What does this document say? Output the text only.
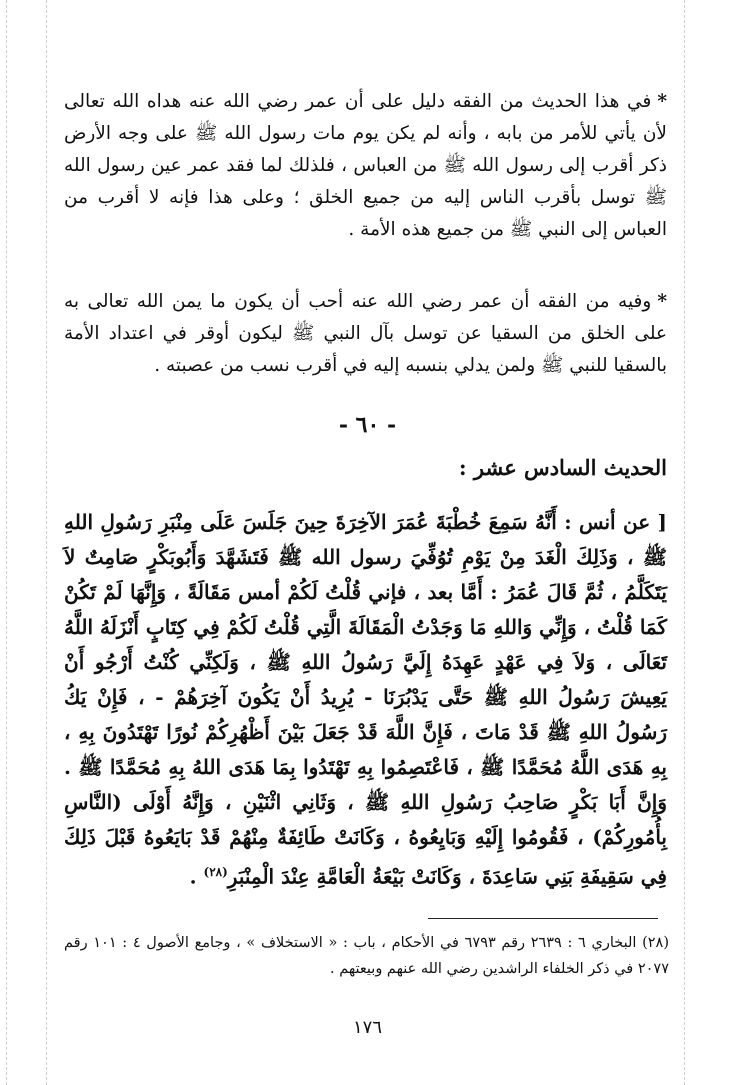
*في هذا الحديث من الفقه دليل على أن عمر رضي الله عنه هداه الله تعالى لأن يأتي للأمر من بابه ، وأنه لم يكن يوم مات رسول الله ﷺ على وجه الأرض ذكر أقرب إلى رسول الله ﷺ من العباس ، فلذلك لما فقد عمر عين رسول الله ﷺ توسل بأقرب الناس إليه من جميع الخلق ؛ وعلى هذا فإنه لا أقرب من العباس إلى النبي ﷺ من جميع هذه الأمة .

*وفيه من الفقه أن عمر رضي الله عنه أحب أن يكون ما يمن الله تعالى به على الخلق من السقيا عن توسل بآل النبي ﷺ ليكون أوقر في اعتداد الأمة بالسقيا للنبي ﷺ ولمن يدلي بنسبه إليه في أقرب نسب من عصبته .

- ٦٠ -
الحديث السادس عشر :

[ عن أنس : أَنَّهُ سَمِعَ خُطْبَةَ عُمَرَ الآخِرَةَ حِينَ جَلَسَ عَلَى مِنْبَرِ رَسُولِ اللهِ ﷺ ، وَذَلِكَ الْغَدَ مِنْ يَوْمِ تُوُفِّيَ رسول الله ﷺ فَتَشَهَّدَ وَأَبُوبَكْرٍ صَامِتٌ لاَ يَتَكَلَّمُ ، ثُمَّ قَالَ عُمَرُ : أَمَّا بعد ، فإني قُلْتُ لَكُمْ أمس مَقَالَةً ، وَإِنَّهَا لَمْ تَكُنْ كَمَا قُلْتُ ، وَإِنِّي وَاللهِ مَا وَجَدْتُ الْمَقَالَةَ الَّتِي قُلْتُ لَكُمْ فِي كِتَابٍ أَنْزَلَهُ اللَّهُ تَعَالَى ، وَلاَ فِي عَهْدٍ عَهِدَهُ إِلَيَّ رَسُولُ اللهِ ﷺ ، وَلَكِنِّي كُنْتُ أَرْجُو أَنْ يَعِيشَ رَسُولُ اللهِ ﷺ حَتَّى يَدْبُرَنَا - يُرِيدُ أَنْ يَكُونَ آخِرَهُمْ - ، فَإِنْ يَكُ رَسُولُ اللهِ ﷺ قَدْ مَاتَ ، فَإِنَّ اللَّهَ قَدْ جَعَلَ بَيْنَ أَظْهُرِكُمْ نُورًا تَهْتَدُونَ بِهِ ، بِهِ هَدَى اللَّهُ مُحَمَّدًا ﷺ ، فَاعْتَصِمُوا بِهِ تَهْتَدُوا بِمَا هَدَى اللهُ بِهِ مُحَمَّدًا ﷺ . وَإِنَّ أَبَا بَكْرٍ صَاحِبُ رَسُولِ اللهِ ﷺ ، وَثَانِي اثْنَيْنِ ، وَإِنَّهُ أَوْلَى (النَّاسِ بِأُمُورِكُمْ) ، فَقُومُوا إِلَيْهِ وَبَايِعُوهُ ، وَكَانَتْ طَائِفَةٌ مِنْهُمْ قَدْ بَايَعُوهُ قَبْلَ ذَلِكَ فِي سَقِيفَةِ بَنِي سَاعِدَةَ ، وَكَانَتْ بَيْعَةُ الْعَامَّةِ عِنْدَ الْمِنْبَرِ$^{(٢٨)}$ .

(٢٨) البخاري ٦ : ٢٦٣٩ رقم ٦٧٩٣ في الأحكام ، باب : « الاستخلاف » ، وجامع الأصول ٤ : ١٠١ رقم ٢٠٧٧ في ذكر الخلفاء الراشدين رضي الله عنهم وبيعتهم .

١٧٦
